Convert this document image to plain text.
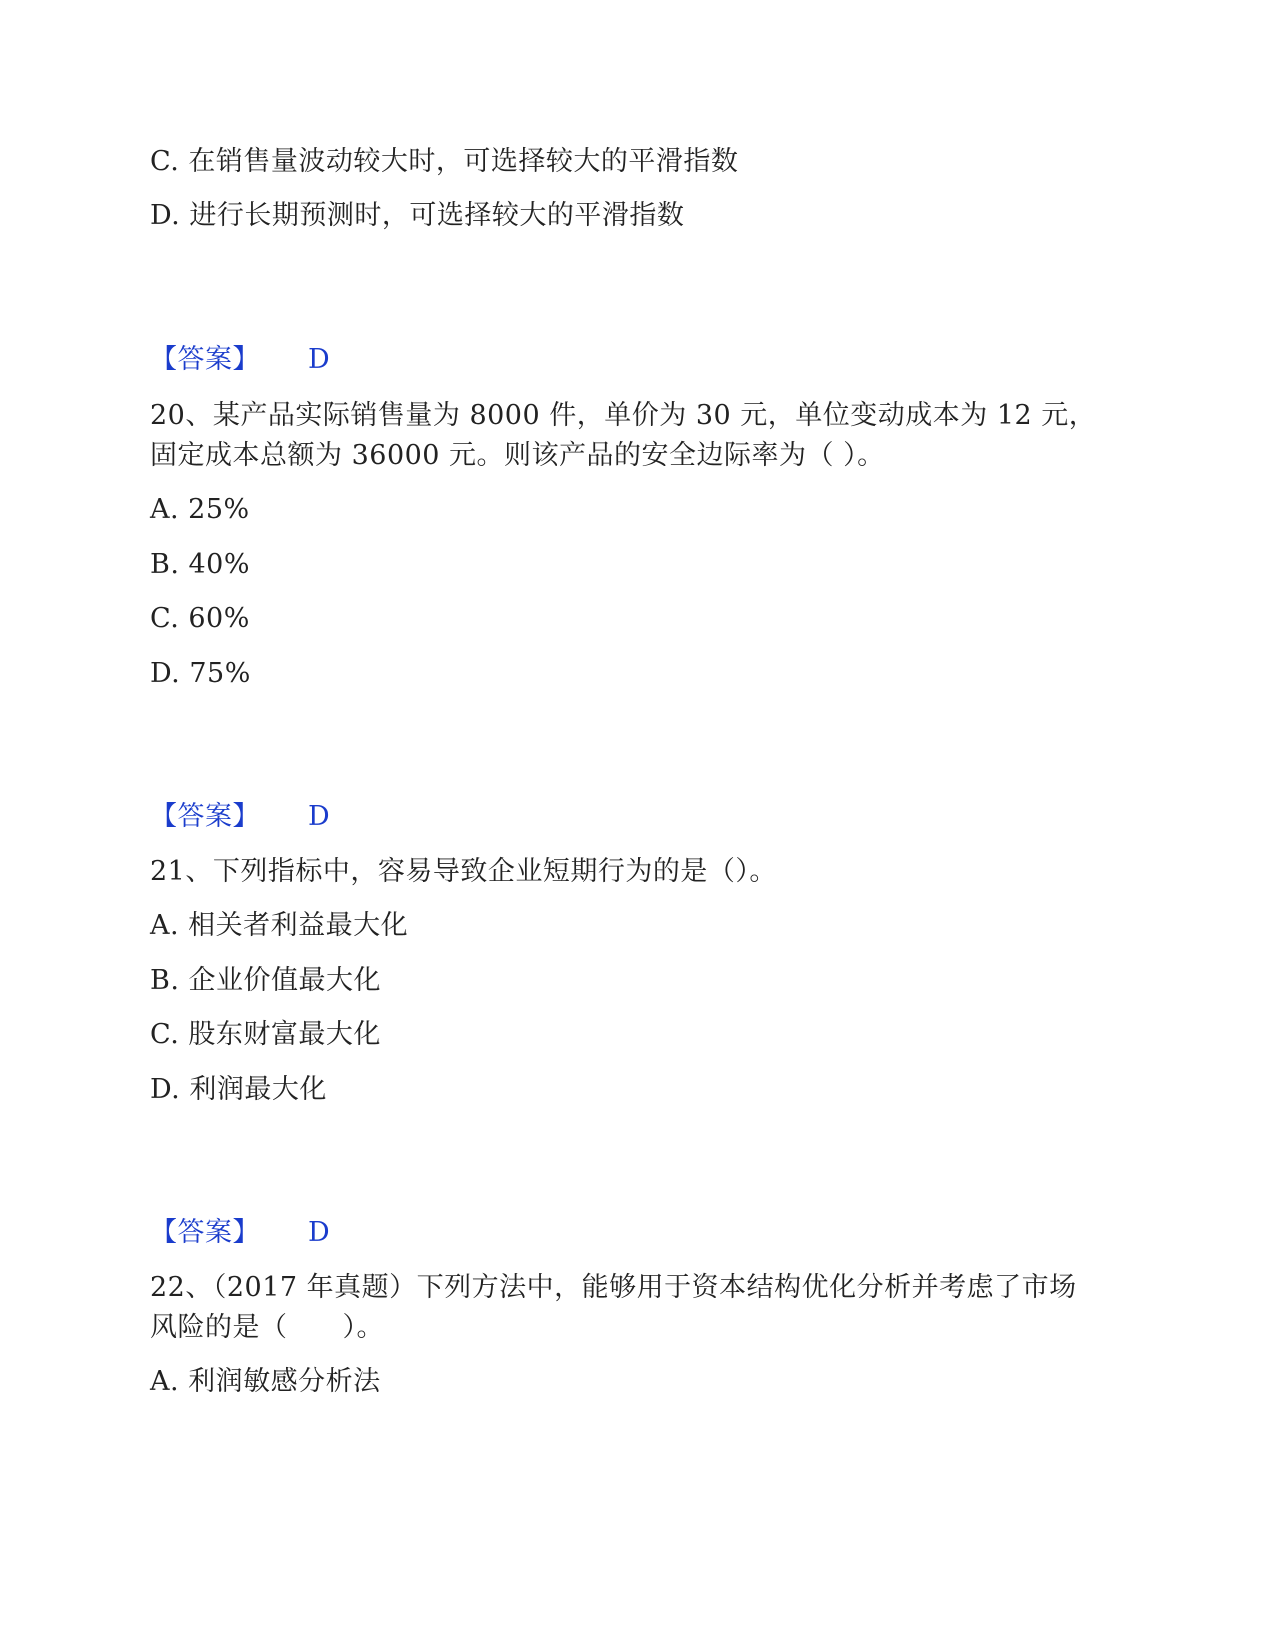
C. 在销售量波动较大时，可选择较大的平滑指数
D. 进行长期预测时，可选择较大的平滑指数
【答案】 D
20、某产品实际销售量为 8000 件，单价为 30 元，单位变动成本为 12 元，
固定成本总额为 36000 元。则该产品的安全边际率为（ ）。
A. 25%
B. 40%
C. 60%
D. 75%
【答案】 D
21、下列指标中，容易导致企业短期行为的是（）。
A. 相关者利益最大化
B. 企业价值最大化
C. 股东财富最大化
D. 利润最大化
【答案】 D
22、（2017 年真题）下列方法中，能够用于资本结构优化分析并考虑了市场
风险的是（　　）。
A. 利润敏感分析法
